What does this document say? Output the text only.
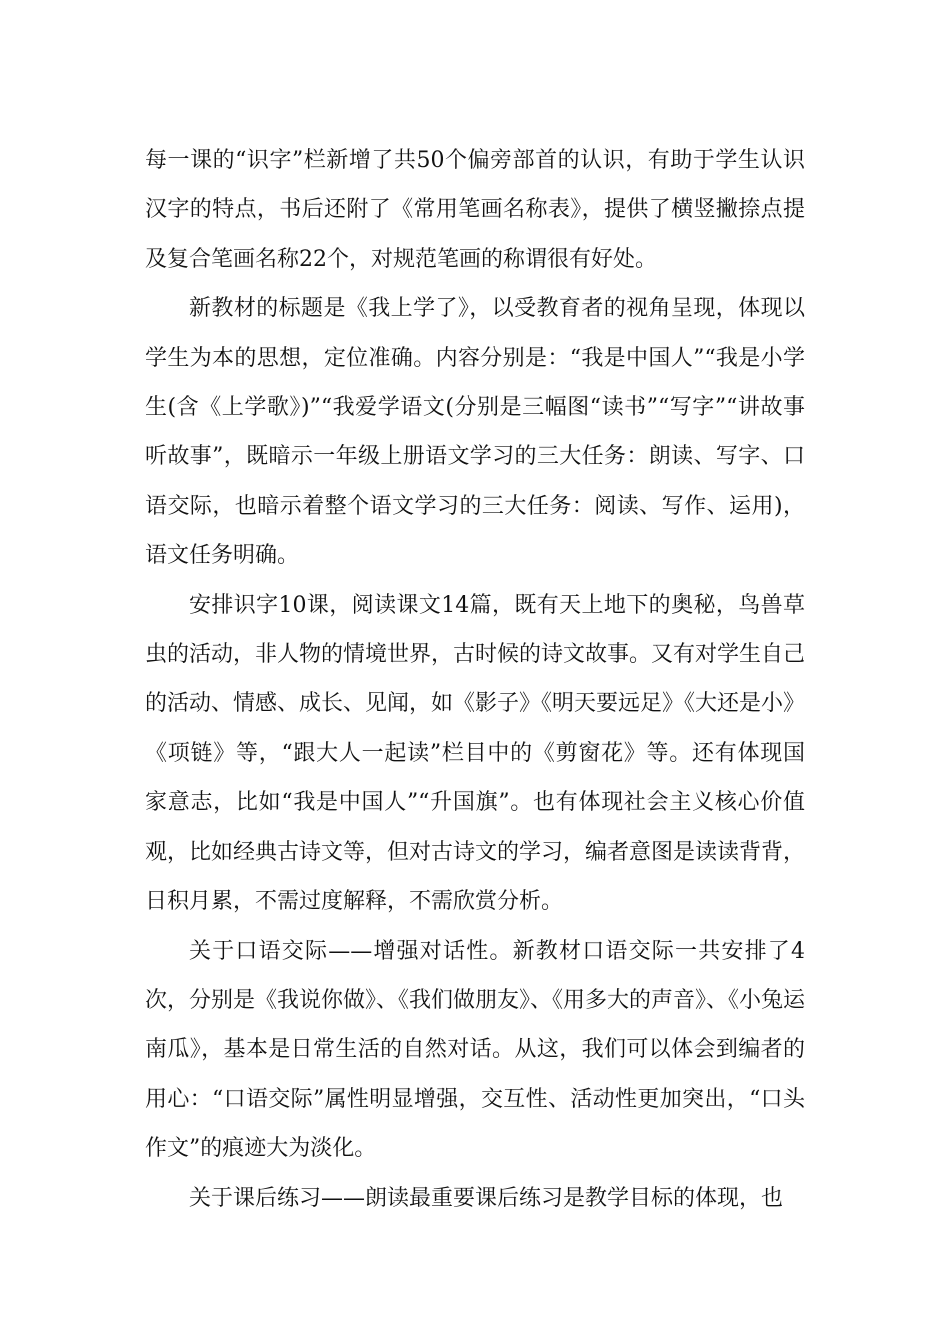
每一课的“识字”栏新增了共50个偏旁部首的认识，有助于学生认识汉字的特点，书后还附了《常用笔画名称表》，提供了横竖撇捺点提及复合笔画名称22个，对规范笔画的称谓很有好处。

新教材的标题是《我上学了》，以受教育者的视角呈现，体现以学生为本的思想，定位准确。内容分别是：“我是中国人”“我是小学生(含《上学歌》)”“我爱学语文(分别是三幅图“读书”“写字”“讲故事听故事”，既暗示一年级上册语文学习的三大任务：朗读、写字、口语交际，也暗示着整个语文学习的三大任务：阅读、写作、运用)，语文任务明确。

安排识字10课，阅读课文14篇，既有天上地下的奥秘，鸟兽草虫的活动，非人物的情境世界，古时候的诗文故事。又有对学生自己的活动、情感、成长、见闻，如《影子》《明天要远足》《大还是小》《项链》等，“跟大人一起读”栏目中的《剪窗花》等。还有体现国家意志，比如“我是中国人”“升国旗”。也有体现社会主义核心价值观，比如经典古诗文等，但对古诗文的学习，编者意图是读读背背，日积月累，不需过度解释，不需欣赏分析。

关于口语交际——增强对话性。新教材口语交际一共安排了4次，分别是《我说你做》、《我们做朋友》、《用多大的声音》、《小兔运南瓜》，基本是日常生活的自然对话。从这，我们可以体会到编者的用心：“口语交际”属性明显增强，交互性、活动性更加突出，“口头作文”的痕迹大为淡化。

关于课后练习——朗读最重要课后练习是教学目标的体现，也
